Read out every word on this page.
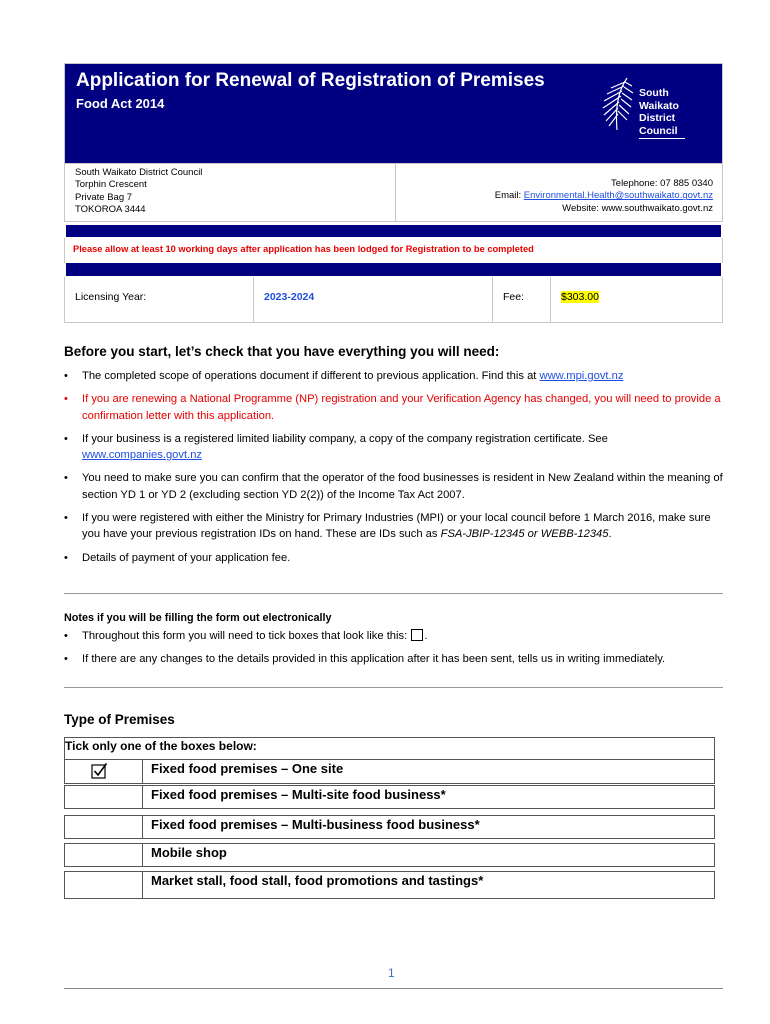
Application for Renewal of Registration of Premises
Food Act 2014
South
Waikato
District
Council
South Waikato District Council
Torphin Crescent
Private Bag 7
TOKOROA 3444
Telephone: 07 885 0340
Email: Environmental.Health@southwaikato.govt.nz
Website: www.southwaikato.govt.nz
Please allow at least 10 working days after application has been lodged for Registration to be completed
Licensing Year:	2023-2024	Fee:	$303.00
Before you start, let’s check that you have everything you will need:
• The completed scope of operations document if different to previous application. Find this at www.mpi.govt.nz
• If you are renewing a National Programme (NP) registration and your Verification Agency has changed, you will need to provide a confirmation letter with this application.
• If your business is a registered limited liability company, a copy of the company registration certificate. See www.companies.govt.nz
• You need to make sure you can confirm that the operator of the food businesses is resident in New Zealand within the meaning of section YD 1 or YD 2 (excluding section YD 2(2)) of the Income Tax Act 2007.
• If you were registered with either the Ministry for Primary Industries (MPI) or your local council before 1 March 2016, make sure you have your previous registration IDs on hand. These are IDs such as FSA-JBIP-12345 or WEBB-12345.
• Details of payment of your application fee.
Notes if you will be filling the form out electronically
• Throughout this form you will need to tick boxes that look like this: .
• If there are any changes to the details provided in this application after it has been sent, tells us in writing immediately.
Type of Premises
Tick only one of the boxes below:
Fixed food premises – One site
Fixed food premises – Multi-site food business*
Fixed food premises – Multi-business food business*
Mobile shop
Market stall, food stall, food promotions and tastings*
1
